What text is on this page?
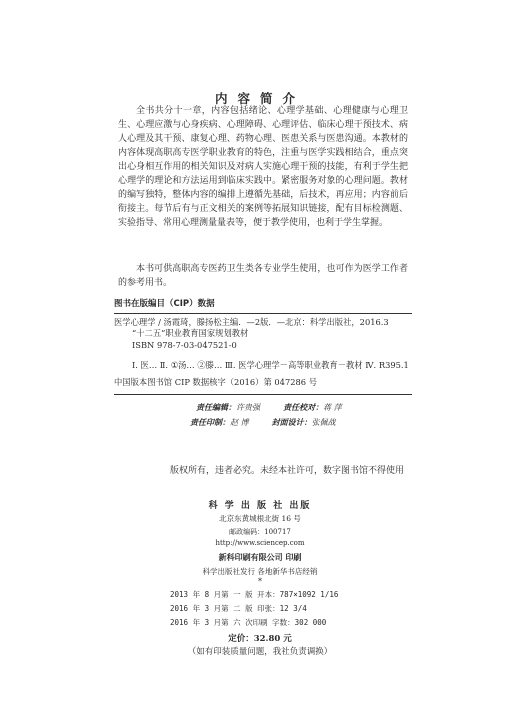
内容简介

全书共分十一章，内容包括绪论、心理学基础、心理健康与心理卫生、心理应激与心身疾病、心理障碍、心理评估、临床心理干预技术、病人心理及其干预、康复心理、药物心理、医患关系与医患沟通。本教材的内容体现高职高专医学职业教育的特色，注重与医学实践相结合，重点突出心身相互作用的相关知识及对病人实施心理干预的技能，有利于学生把心理学的理论和方法运用到临床实践中。紧密服务对象的心理问题。教材的编写独特，整体内容的编排上遵循先基础，后技术，再应用；内容前后衔接主。每节后有与正文相关的案例等拓展知识链接，配有目标检测题、实验指导、常用心理测量量表等，便于教学使用，也利于学生掌握。

本书可供高职高专医药卫生类各专业学生使用，也可作为医学工作者的参考用书。

图书在版编目（CIP）数据
医学心理学 / 汤霞琦，滕扬松主编．—2版．—北京：科学出版社，2016.3
“十二五”职业教育国家规划教材
ISBN 978-7-03-047521-0
Ⅰ. 医… Ⅱ. ①汤… ②滕… Ⅲ. 医学心理学－高等职业教育－教材 Ⅳ. R395.1
中国版本图书馆 CIP 数据核字（2016）第 047286 号
责任编辑：许贵强	责任校对：蒋 萍
责任印制：赵 博	封面设计：张佩战
版权所有，违者必究。未经本社许可，数字图书馆不得使用
科 学 出 版 社 出版
北京东黄城根北街 16 号
邮政编码：100717
http://www.sciencep.com
新科印刷有限公司 印刷
科学出版社发行 各地新华书店经销
*
2013 年 8 月第 一 版 开本：787×1092 1/16
2016 年 3 月第 二 版 印张：12 3/4
2016 年 3 月第 六 次印刷 字数：302 000
定价：32.80 元
（如有印装质量问题，我社负责调换）
